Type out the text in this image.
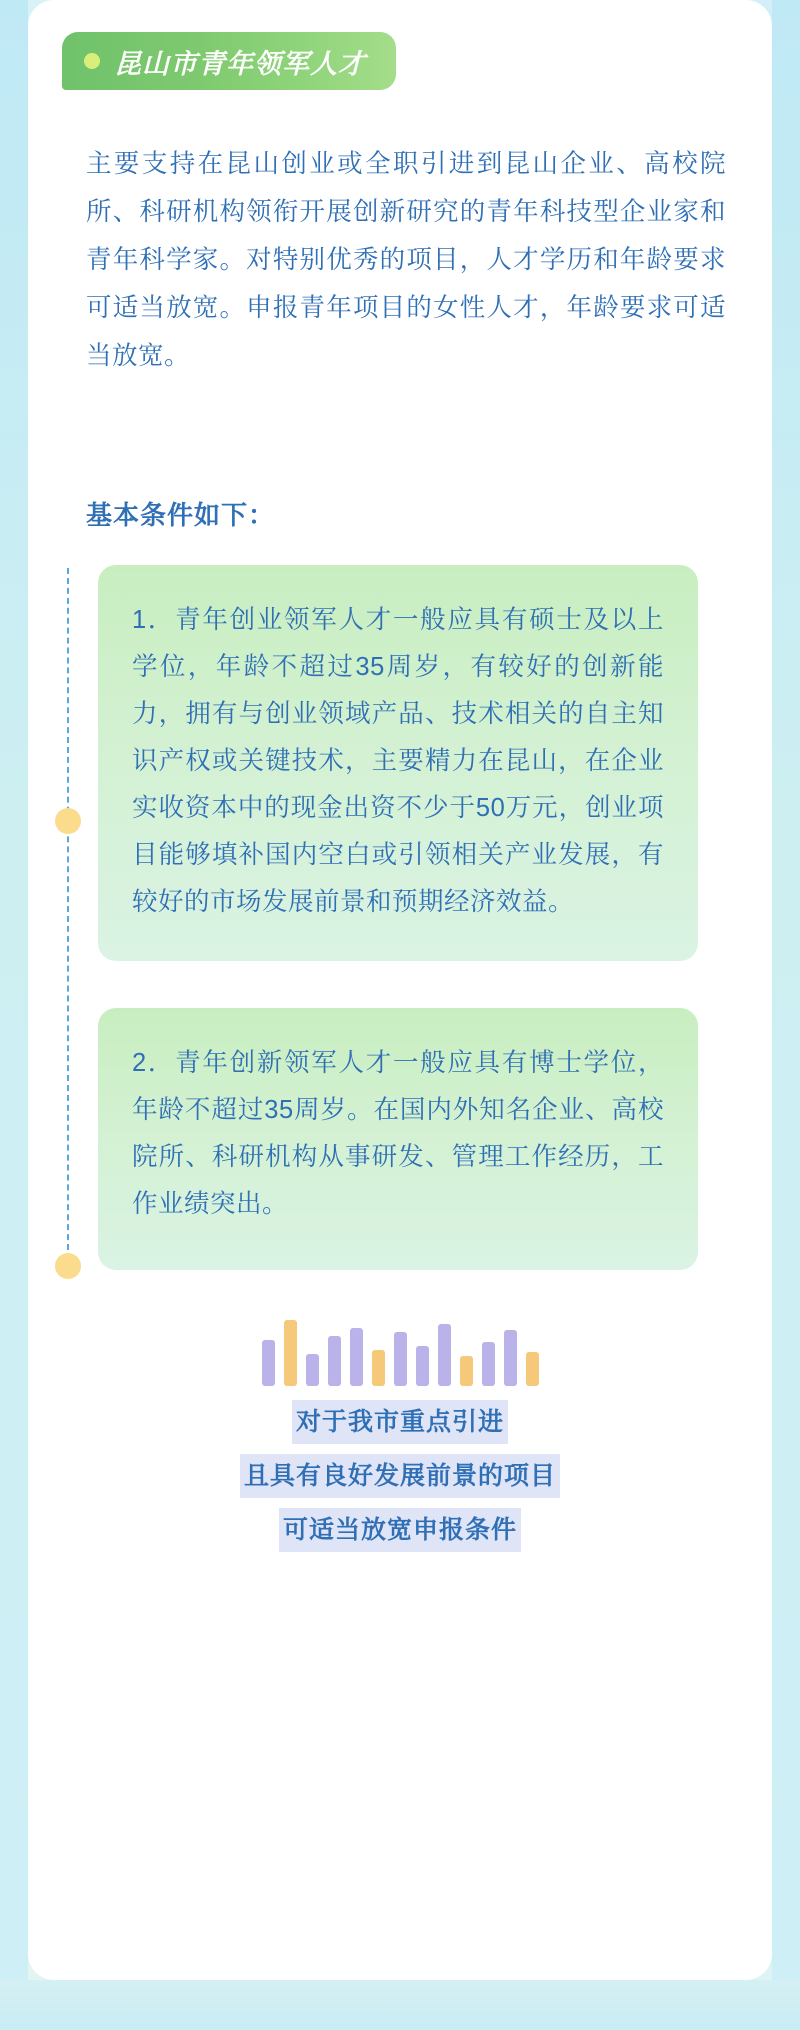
昆山市青年领军人才
主要支持在昆山创业或全职引进到昆山企业、高校院所、科研机构领衔开展创新研究的青年科技型企业家和青年科学家。对特别优秀的项目，人才学历和年龄要求可适当放宽。申报青年项目的女性人才，年龄要求可适当放宽。
基本条件如下：
1．青年创业领军人才一般应具有硕士及以上学位，年龄不超过35周岁，有较好的创新能力，拥有与创业领域产品、技术相关的自主知识产权或关键技术，主要精力在昆山，在企业实收资本中的现金出资不少于50万元，创业项目能够填补国内空白或引领相关产业发展，有较好的市场发展前景和预期经济效益。
2．青年创新领军人才一般应具有博士学位，年龄不超过35周岁。在国内外知名企业、高校院所、科研机构从事研发、管理工作经历，工作业绩突出。
对于我市重点引进
且具有良好发展前景的项目
可适当放宽申报条件
